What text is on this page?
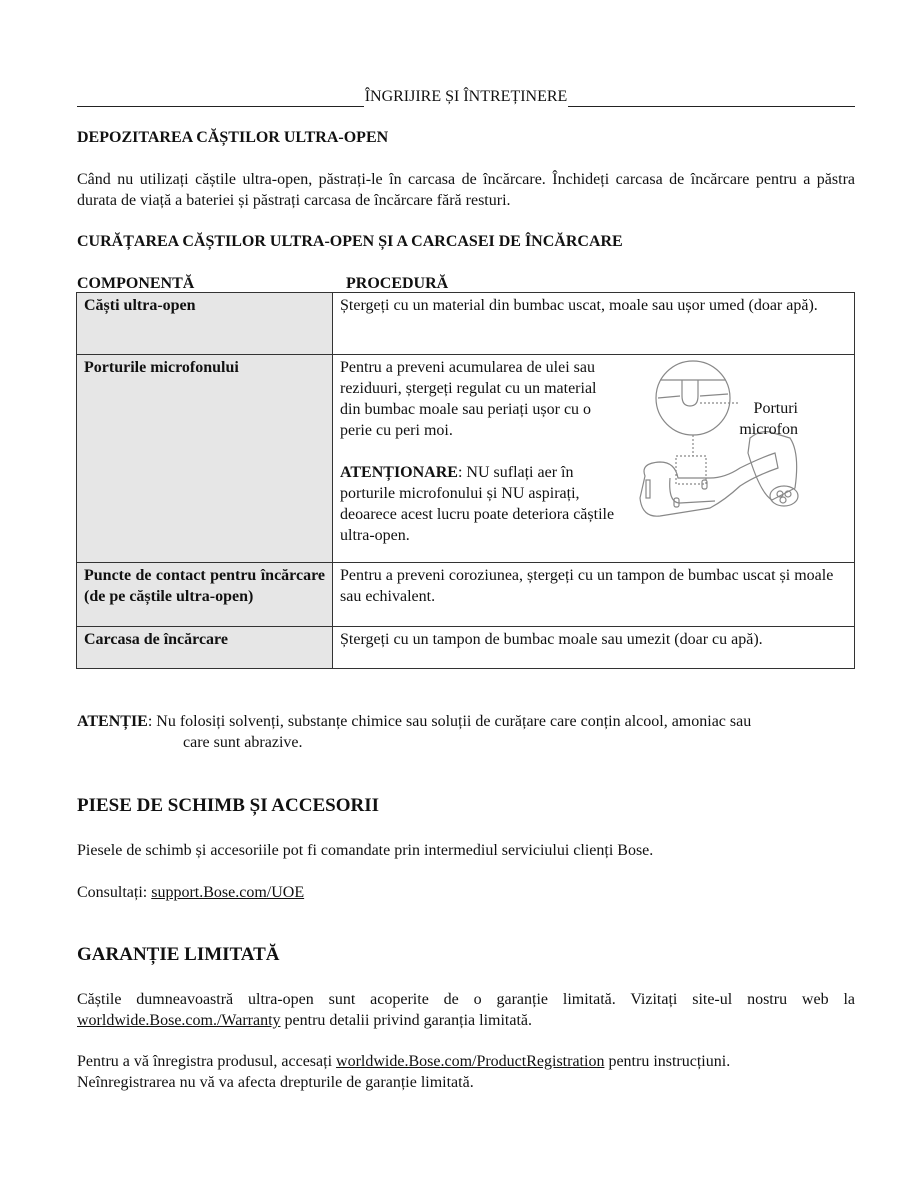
ÎNGRIJIRE ȘI ÎNTREȚINERE
DEPOZITAREA CĂȘTILOR ULTRA-OPEN

Când nu utilizați căștile ultra-open, păstrați-le în carcasa de încărcare. Închideți carcasa de încărcare pentru a păstra durata de viață a bateriei și păstrați carcasa de încărcare fără resturi.

CURĂȚAREA CĂȘTILOR ULTRA-OPEN ȘI A CARCASEI DE ÎNCĂRCARE
COMPONENTĂ	PROCEDURĂ
Căști ultra-open	Ștergeți cu un material din bumbac uscat, moale sau ușor umed (doar apă).
Porturile microfonului	Pentru a preveni acumularea de ulei sau reziduuri, ștergeți regulat cu un material din bumbac moale sau periați ușor cu o perie cu peri moi.

ATENȚIONARE: NU suflați aer în porturile microfonului și NU aspirați, deoarece acest lucru poate deteriora căștile ultra-open.

Puncte de contact pentru încărcare (de pe căștile ultra-open)	Pentru a preveni coroziunea, ștergeți cu un tampon de bumbac uscat și moale sau echivalent.
Carcasa de încărcare	Ștergeți cu un tampon de bumbac moale sau umezit (doar cu apă).
Porturi
microfon
ATENȚIE: Nu folosiți solvenți, substanțe chimice sau soluții de curățare care conțin alcool, amoniac sau
care sunt abrazive.
PIESE DE SCHIMB ȘI ACCESORII

Piesele de schimb și accesoriile pot fi comandate prin intermediul serviciului clienți Bose.

Consultați: support.Bose.com/UOE

GARANȚIE LIMITATĂ

Căștile dumneavoastră ultra-open sunt acoperite de o garanție limitată. Vizitați site-ul nostru web la worldwide.Bose.com./Warranty pentru detalii privind garanția limitată.

Pentru a vă înregistra produsul, accesați worldwide.Bose.com/ProductRegistration pentru instrucțiuni.
Neînregistrarea nu vă va afecta drepturile de garanție limitată.
